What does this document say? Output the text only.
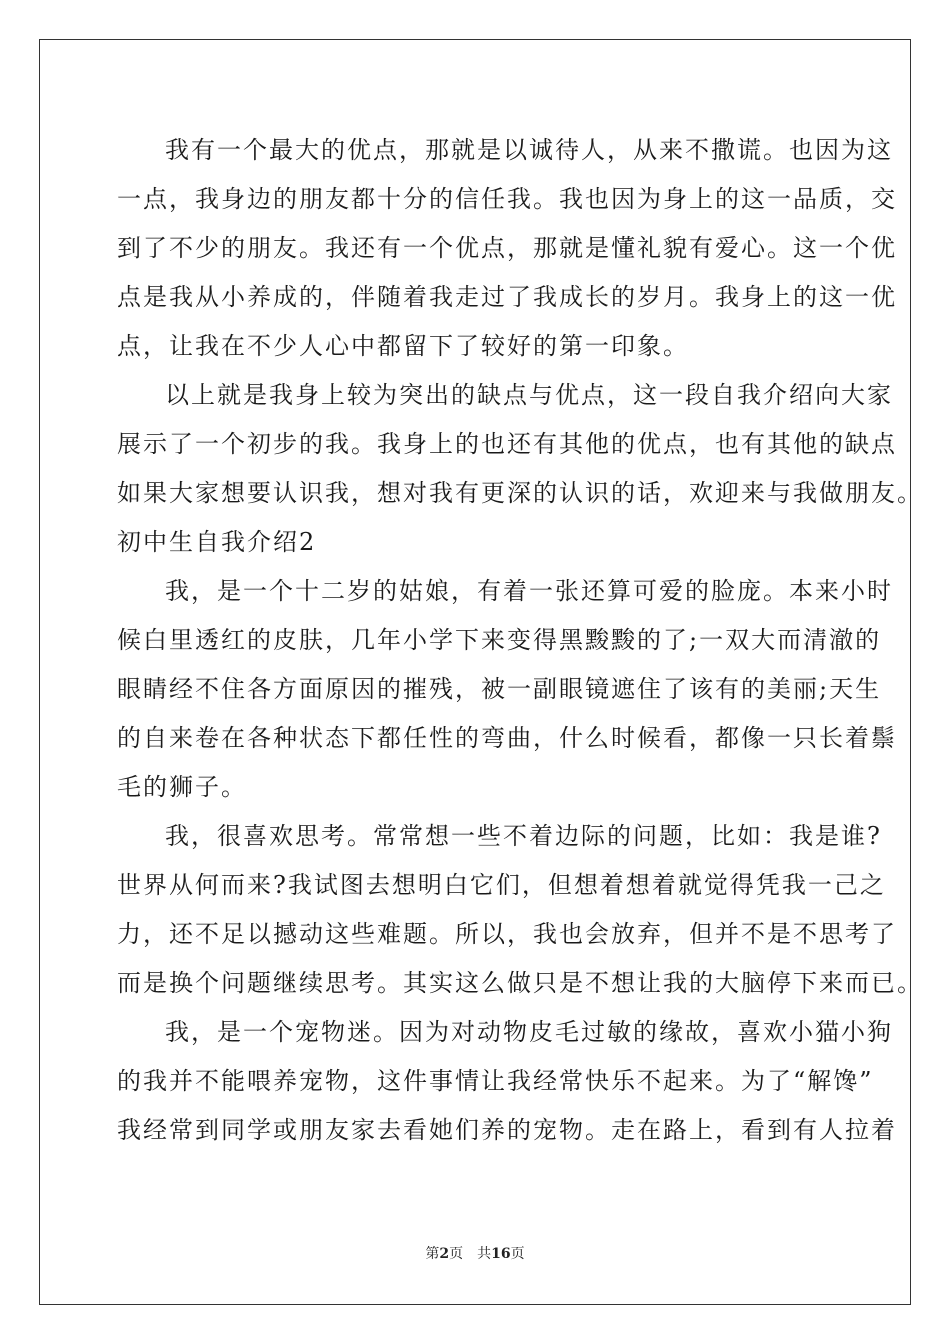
我有一个最大的优点，那就是以诚待人，从来不撒谎。也因为这
一点，我身边的朋友都十分的信任我。我也因为身上的这一品质，交
到了不少的朋友。我还有一个优点，那就是懂礼貌有爱心。这一个优
点是我从小养成的，伴随着我走过了我成长的岁月。我身上的这一优
点，让我在不少人心中都留下了较好的第一印象。
以上就是我身上较为突出的缺点与优点，这一段自我介绍向大家
展示了一个初步的我。我身上的也还有其他的优点，也有其他的缺点
如果大家想要认识我，想对我有更深的认识的话，欢迎来与我做朋友。
初中生自我介绍2
我，是一个十二岁的姑娘，有着一张还算可爱的脸庞。本来小时
候白里透红的皮肤，几年小学下来变得黑黢黢的了;一双大而清澈的
眼睛经不住各方面原因的摧残，被一副眼镜遮住了该有的美丽;天生
的自来卷在各种状态下都任性的弯曲，什么时候看，都像一只长着鬃
毛的狮子。
我，很喜欢思考。常常想一些不着边际的问题，比如：我是谁?
世界从何而来?我试图去想明白它们，但想着想着就觉得凭我一己之
力，还不足以撼动这些难题。所以，我也会放弃，但并不是不思考了
而是换个问题继续思考。其实这么做只是不想让我的大脑停下来而已。
我，是一个宠物迷。因为对动物皮毛过敏的缘故，喜欢小猫小狗
的我并不能喂养宠物，这件事情让我经常快乐不起来。为了“解馋”
我经常到同学或朋友家去看她们养的宠物。走在路上，看到有人拉着
第2页 共16页
